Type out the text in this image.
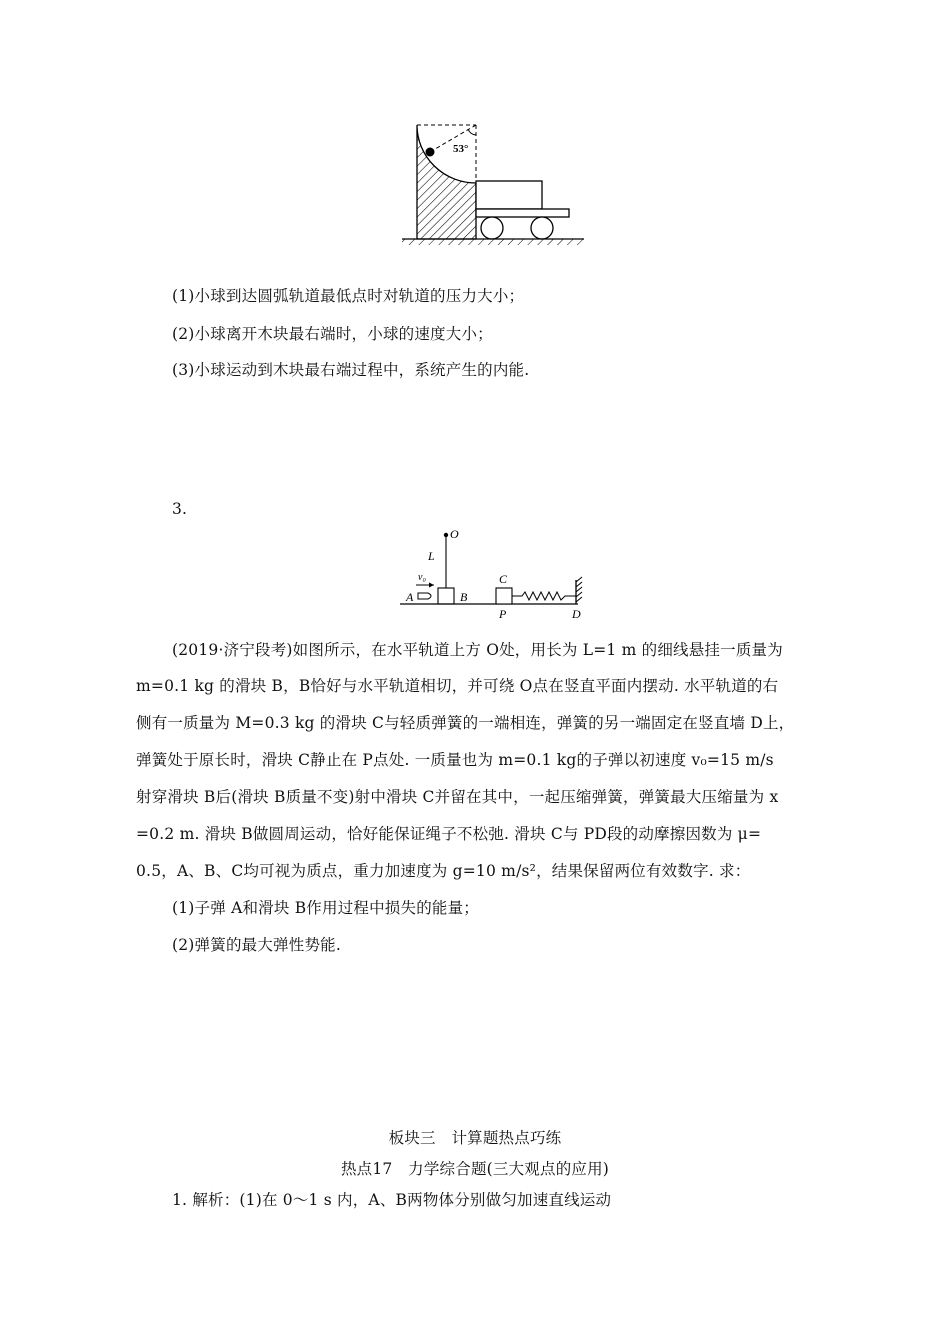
53°
(1)小球到达圆弧轨道最低点时对轨道的压力大小；
(2)小球离开木块最右端时，小球的速度大小；
(3)小球运动到木块最右端过程中，系统产生的内能.
3.
O
L
B
v₀
A
C
P	D
(2019·济宁段考)如图所示，在水平轨道上方 O处，用长为 L=1 m 的细线悬挂一质量为
m=0.1 kg 的滑块 B，B恰好与水平轨道相切，并可绕 O点在竖直平面内摆动. 水平轨道的右
侧有一质量为 M=0.3 kg 的滑块 C与轻质弹簧的一端相连，弹簧的另一端固定在竖直墙 D上，
弹簧处于原长时，滑块 C静止在 P点处. 一质量也为 m=0.1 kg的子弹以初速度 v₀=15 m/s
射穿滑块 B后(滑块 B质量不变)射中滑块 C并留在其中，一起压缩弹簧，弹簧最大压缩量为 x
=0.2 m. 滑块 B做圆周运动，恰好能保证绳子不松弛. 滑块 C与 PD段的动摩擦因数为 μ=
0.5，A、B、C均可视为质点，重力加速度为 g=10 m/s²，结果保留两位有效数字. 求：
(1)子弹 A和滑块 B作用过程中损失的能量；
(2)弹簧的最大弹性势能.
板块三　计算题热点巧练
热点17　力学综合题(三大观点的应用)
1. 解析：(1)在 0～1 s 内，A、B两物体分别做匀加速直线运动
